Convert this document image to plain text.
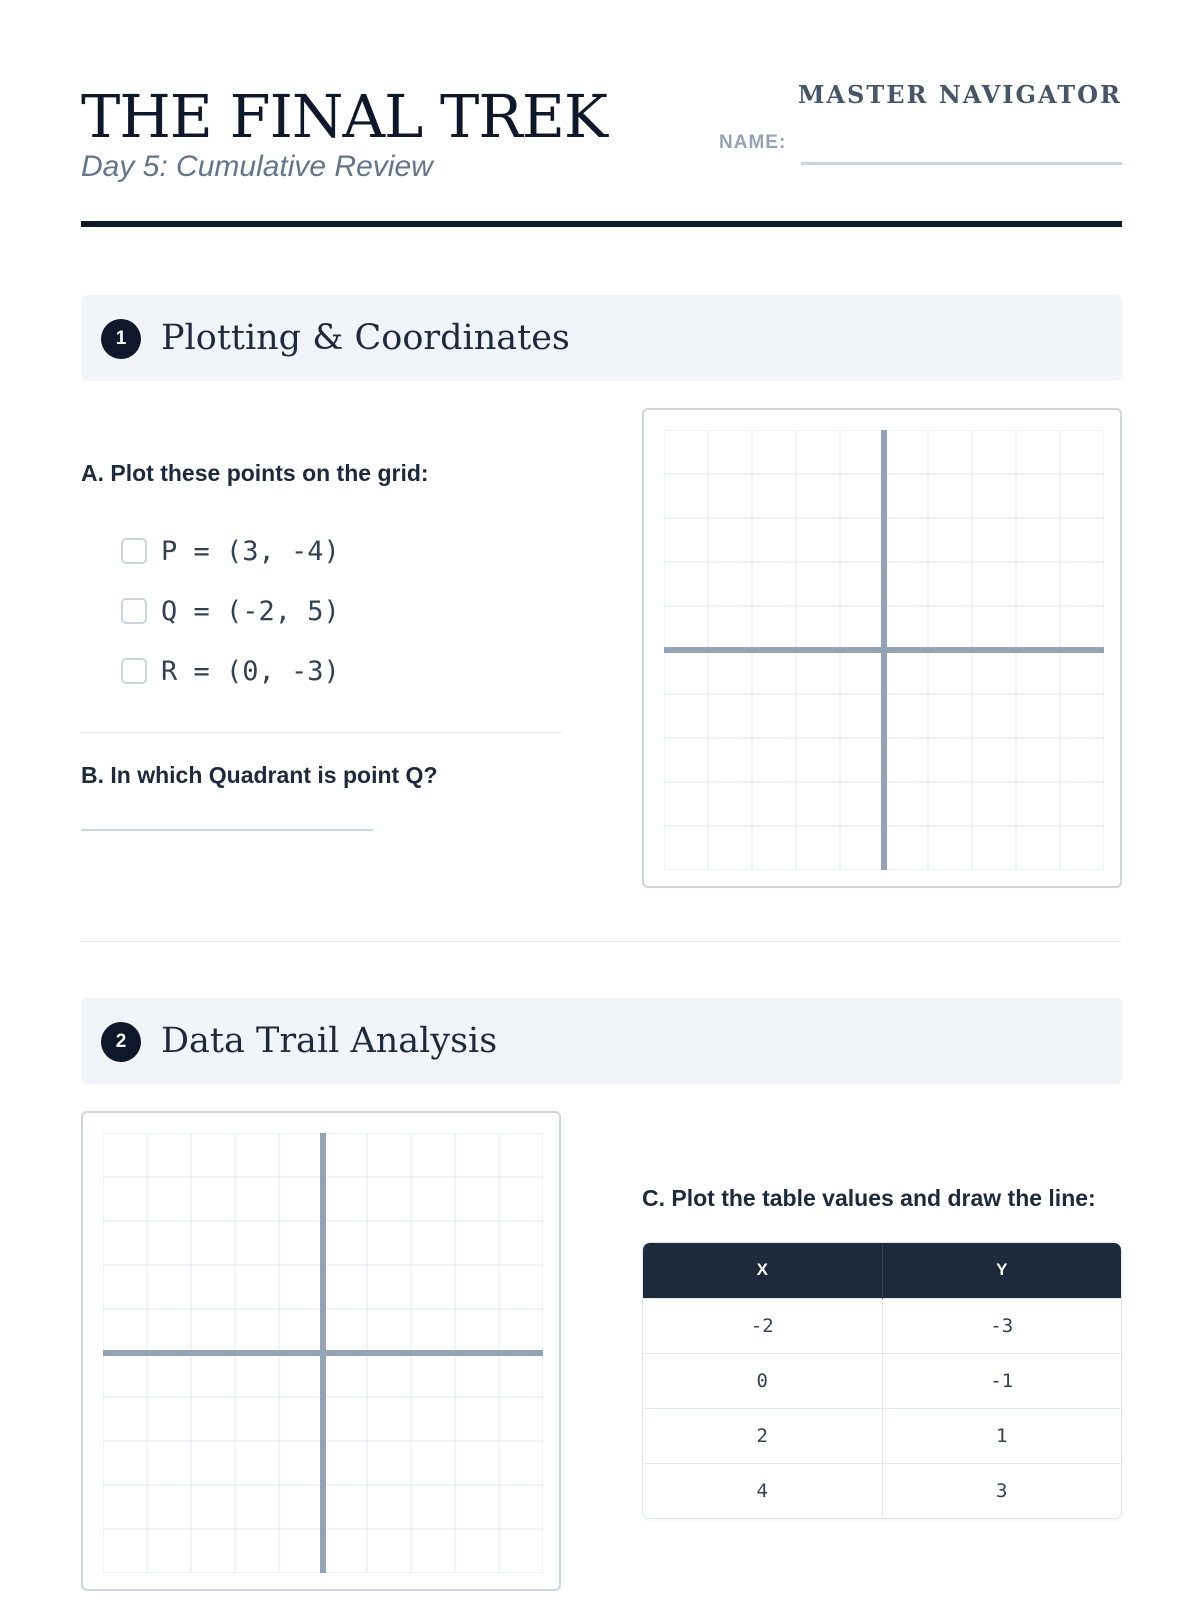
THE FINAL TREK
Day 5: Cumulative Review
MASTER NAVIGATOR
NAME:
1 Plotting & Coordinates
A. Plot these points on the grid:
P = (3, -4)
Q = (-2, 5)
R = (0, -3)
B. In which Quadrant is point Q?
2 Data Trail Analysis
C. Plot the table values and draw the line:
X	Y
-2	-3
0	-1
2	1
4	3
